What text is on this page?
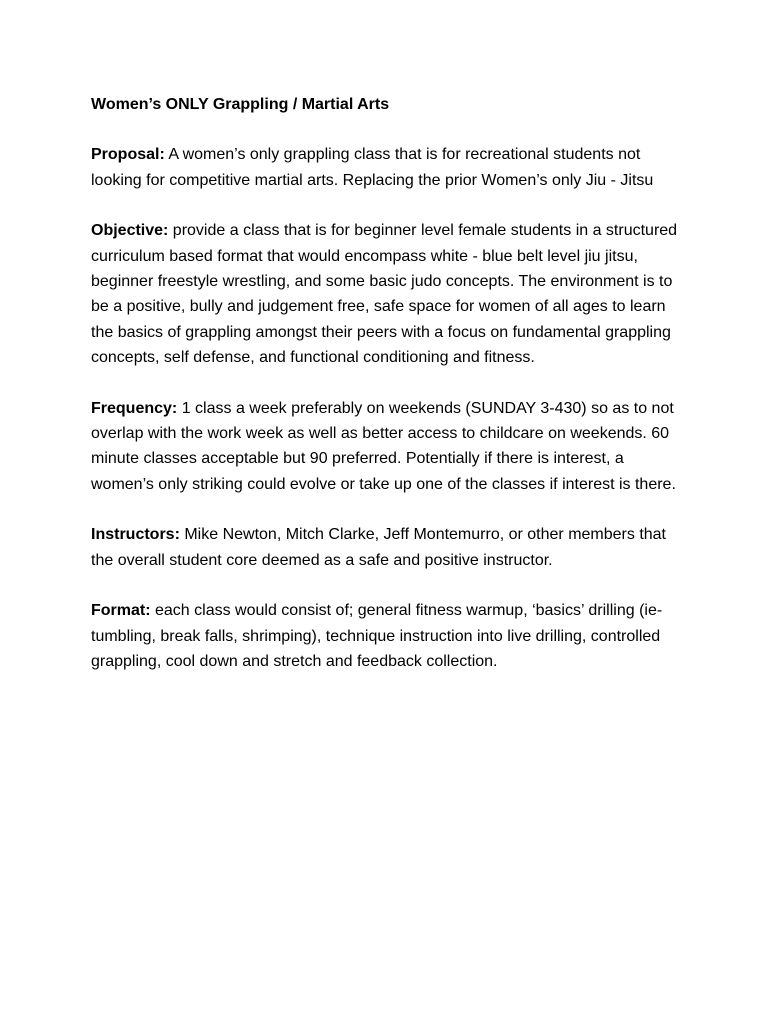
Women’s ONLY Grappling / Martial Arts

Proposal: A women’s only grappling class that is for recreational students not looking for competitive martial arts. Replacing the prior Women’s only Jiu - Jitsu

Objective: provide a class that is for beginner level female students in a structured curriculum based format that would encompass white - blue belt level jiu jitsu, beginner freestyle wrestling, and some basic judo concepts. The environment is to be a positive, bully and judgement free, safe space for women of all ages to learn the basics of grappling amongst their peers with a focus on fundamental grappling concepts, self defense, and functional conditioning and fitness.

Frequency: 1 class a week preferably on weekends (SUNDAY 3-430) so as to not overlap with the work week as well as better access to childcare on weekends. 60 minute classes acceptable but 90 preferred. Potentially if there is interest, a women’s only striking could evolve or take up one of the classes if interest is there.

Instructors: Mike Newton, Mitch Clarke, Jeff Montemurro, or other members that the overall student core deemed as a safe and positive instructor.

Format: each class would consist of; general fitness warmup, ‘basics’ drilling (ie- tumbling, break falls, shrimping), technique instruction into live drilling, controlled grappling, cool down and stretch and feedback collection.
